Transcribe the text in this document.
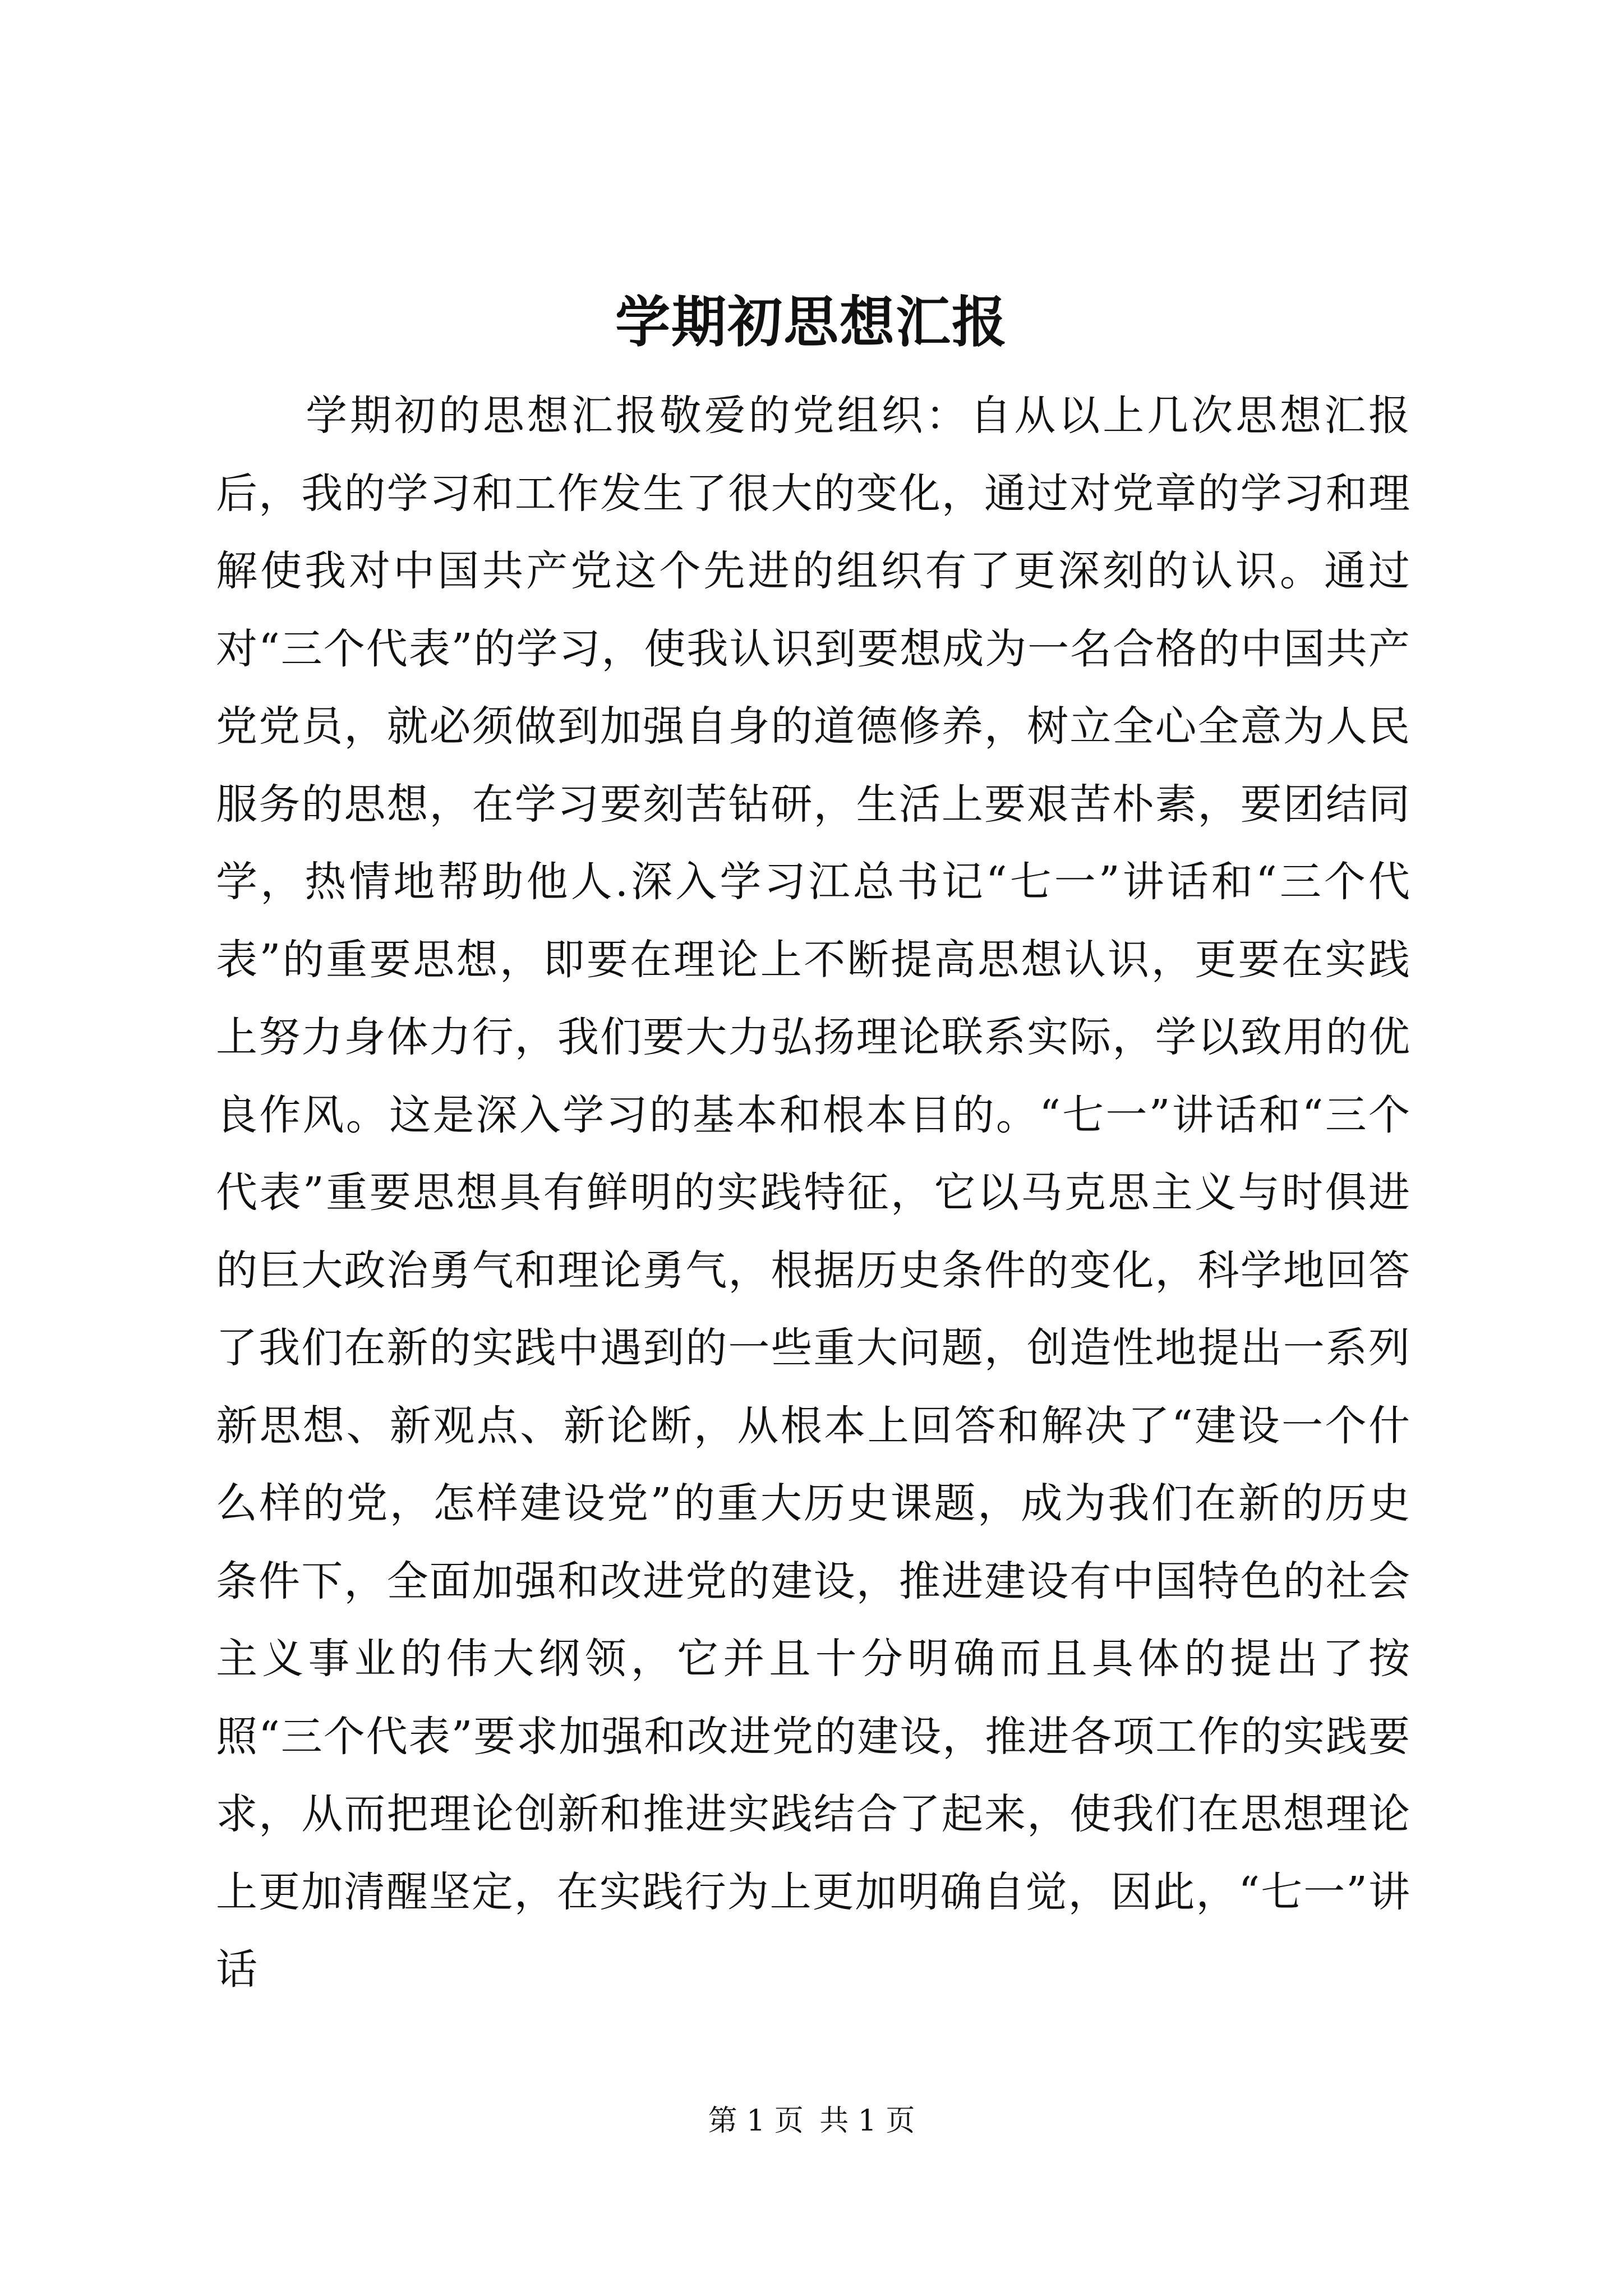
学期初思想汇报

学期初的思想汇报敬爱的党组织：自从以上几次思想汇报后，我的学习和工作发生了很大的变化，通过对党章的学习和理解使我对中国共产党这个先进的组织有了更深刻的认识。通过对“三个代表”的学习，使我认识到要想成为一名合格的中国共产党党员，就必须做到加强自身的道德修养，树立全心全意为人民服务的思想，在学习要刻苦钻研，生活上要艰苦朴素，要团结同学，热情地帮助他人.深入学习江总书记“七一”讲话和“三个代表”的重要思想，即要在理论上不断提高思想认识，更要在实践上努力身体力行，我们要大力弘扬理论联系实际，学以致用的优良作风。这是深入学习的基本和根本目的。“七一”讲话和“三个代表”重要思想具有鲜明的实践特征，它以马克思主义与时俱进的巨大政治勇气和理论勇气，根据历史条件的变化，科学地回答了我们在新的实践中遇到的一些重大问题，创造性地提出一系列新思想、新观点、新论断，从根本上回答和解决了“建设一个什么样的党，怎样建设党”的重大历史课题，成为我们在新的历史条件下，全面加强和改进党的建设，推进建设有中国特色的社会主义事业的伟大纲领，它并且十分明确而且具体的提出了按照“三个代表”要求加强和改进党的建设，推进各项工作的实践要求，从而把理论创新和推进实践结合了起来，使我们在思想理论上更加清醒坚定，在实践行为上更加明确自觉，因此，“七一”讲话

第 1 页 共 1 页
